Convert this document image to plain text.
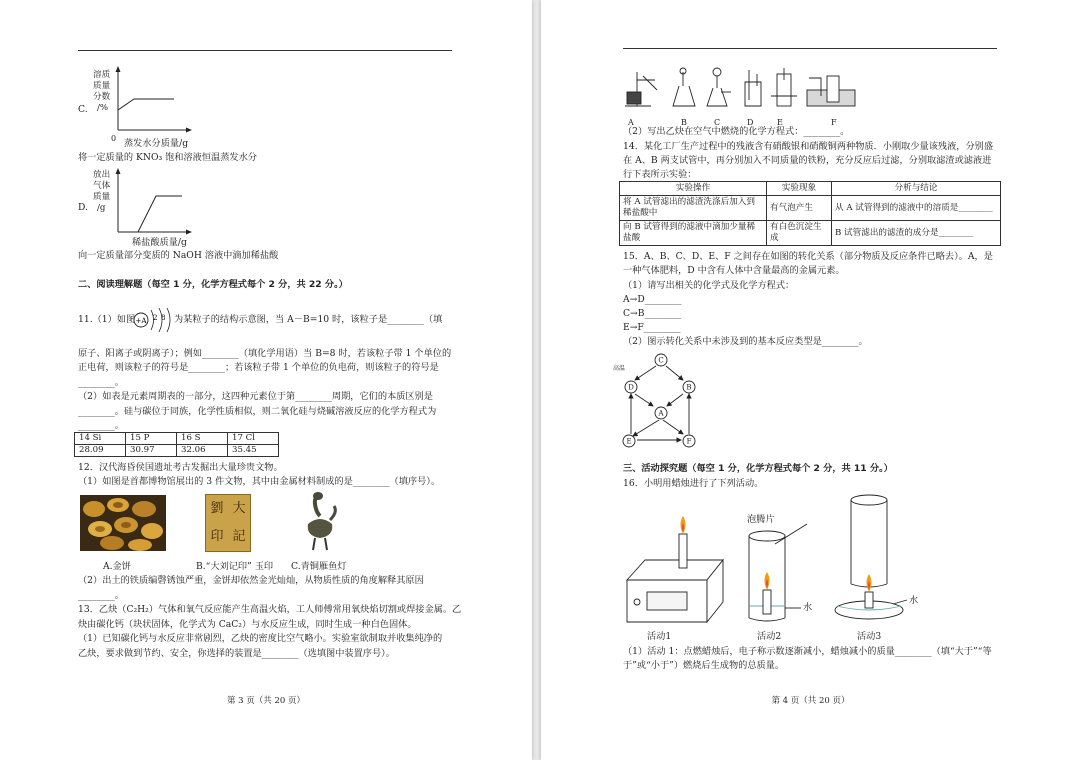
C.
溶质
质量
分数
/%
0 蒸发水分质量/g
将一定质量的 KNO₃ 饱和溶液恒温蒸发水分
D.
放出
气体
质量
/g
稀盐酸质量/g
向一定质量部分变质的 NaOH 溶液中滴加稀盐酸
二、阅读理解题（每空 1 分，化学方程式每个 2 分，共 22 分。）
11.（1）如图 +A 2 8 为某粒子的结构示意图，当 A－B=10 时，该粒子是________（填
原子、阳离子或阴离子）；例如________（填化学用语）当 B=8 时，若该粒子带 1 个单位的
正电荷，则该粒子的符号是________；若该粒子带 1 个单位的负电荷，则该粒子的符号是
________。
（2）如表是元素周期表的一部分，这四种元素位于第________周期，它们的本质区别是
________。硅与碳位于同族，化学性质相似，则二氧化硅与烧碱溶液反应的化学方程式为
________。
14 Si	15 P	16 S	17 Cl
28.09	30.97	32.06	35.45
12．汉代海昏侯国遗址考古发掘出大量珍贵文物。
（1）如图是首都博物馆展出的 3 件文物，其中由金属材料制成的是________（填序号）。
劉 大
印 記
A.金饼	B.“大刘记印” 玉印 C.青铜雁鱼灯
（2）出土的铁质编磬锈蚀严重，金饼却依然金光灿灿，从物质性质的角度解释其原因
________。
13．乙炔（C₂H₂）气体和氧气反应能产生高温火焰，工人师傅常用氧炔焰切割或焊接金属。乙
炔由碳化钙（块状固体，化学式为 CaC₂）与水反应生成，同时生成一种白色固体。
（1）已知碳化钙与水反应非常剧烈，乙炔的密度比空气略小。实验室欲制取并收集纯净的
乙炔，要求做到节约、安全，你选择的装置是________（选填图中装置序号）。
第 3 页（共 20 页）
A	B	C	D	E	F
（2）写出乙炔在空气中燃烧的化学方程式：________。
14．某化工厂生产过程中的残液含有硝酸银和硝酸铜两种物质．小刚取少量该残液，分别盛
在 A、B 两支试管中，再分别加入不同质量的铁粉，充分反应后过滤，分别取滤渣或滤液进
行下表所示实验：
实验操作	实验现象	分析与结论
将 A 试管滤出的滤渣洗涤后加入到稀盐酸中	有气泡产生	从 A 试管得到的滤液中的溶质是________
向 B 试管得到的滤液中滴加少量稀盐酸	有白色沉淀生成	B 试管滤出的滤渣的成分是________
15．A、B、C、D、E、F 之间存在如图的转化关系（部分物质及反应条件已略去）。A，是
一种气体肥料，D 中含有人体中含量最高的金属元素。
（1）请写出相关的化学式及化学方程式：
A→D________
C→B________
E→F________
（2）图示转化关系中未涉及到的基本反应类型是________。
C
D	B
A
E	F
高温
三、活动探究题（每空 1 分，化学方程式每个 2 分，共 11 分。）
16．小明用蜡烛进行了下列活动。
泡腾片
水
水
活动1	活动2	活动3
（1）活动 1：点燃蜡烛后，电子称示数逐渐减小，蜡烛减小的质量________（填“大于”“等
于”或“小于”）燃烧后生成物的总质量。
第 4 页（共 20 页）
